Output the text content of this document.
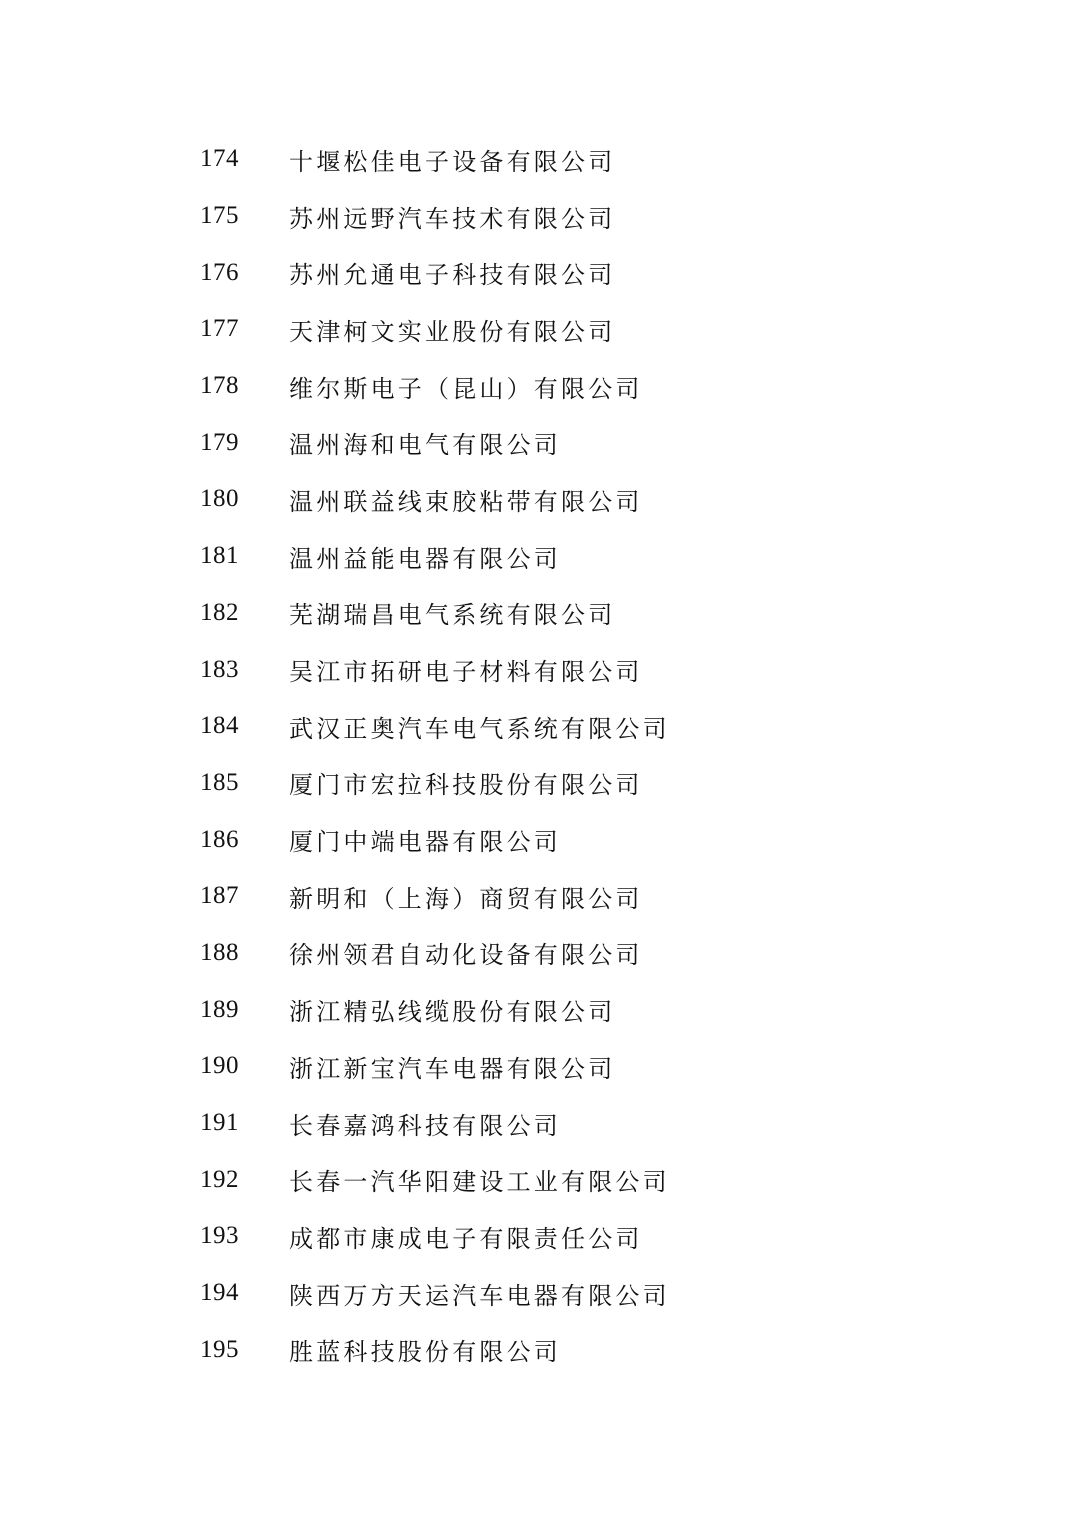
174	十堰松佳电子设备有限公司
175	苏州远野汽车技术有限公司
176	苏州允通电子科技有限公司
177	天津柯文实业股份有限公司
178	维尔斯电子（昆山）有限公司
179	温州海和电气有限公司
180	温州联益线束胶粘带有限公司
181	温州益能电器有限公司
182	芜湖瑞昌电气系统有限公司
183	吴江市拓研电子材料有限公司
184	武汉正奥汽车电气系统有限公司
185	厦门市宏拉科技股份有限公司
186	厦门中端电器有限公司
187	新明和（上海）商贸有限公司
188	徐州领君自动化设备有限公司
189	浙江精弘线缆股份有限公司
190	浙江新宝汽车电器有限公司
191	长春嘉鸿科技有限公司
192	长春一汽华阳建设工业有限公司
193	成都市康成电子有限责任公司
194	陕西万方天运汽车电器有限公司
195	胜蓝科技股份有限公司
